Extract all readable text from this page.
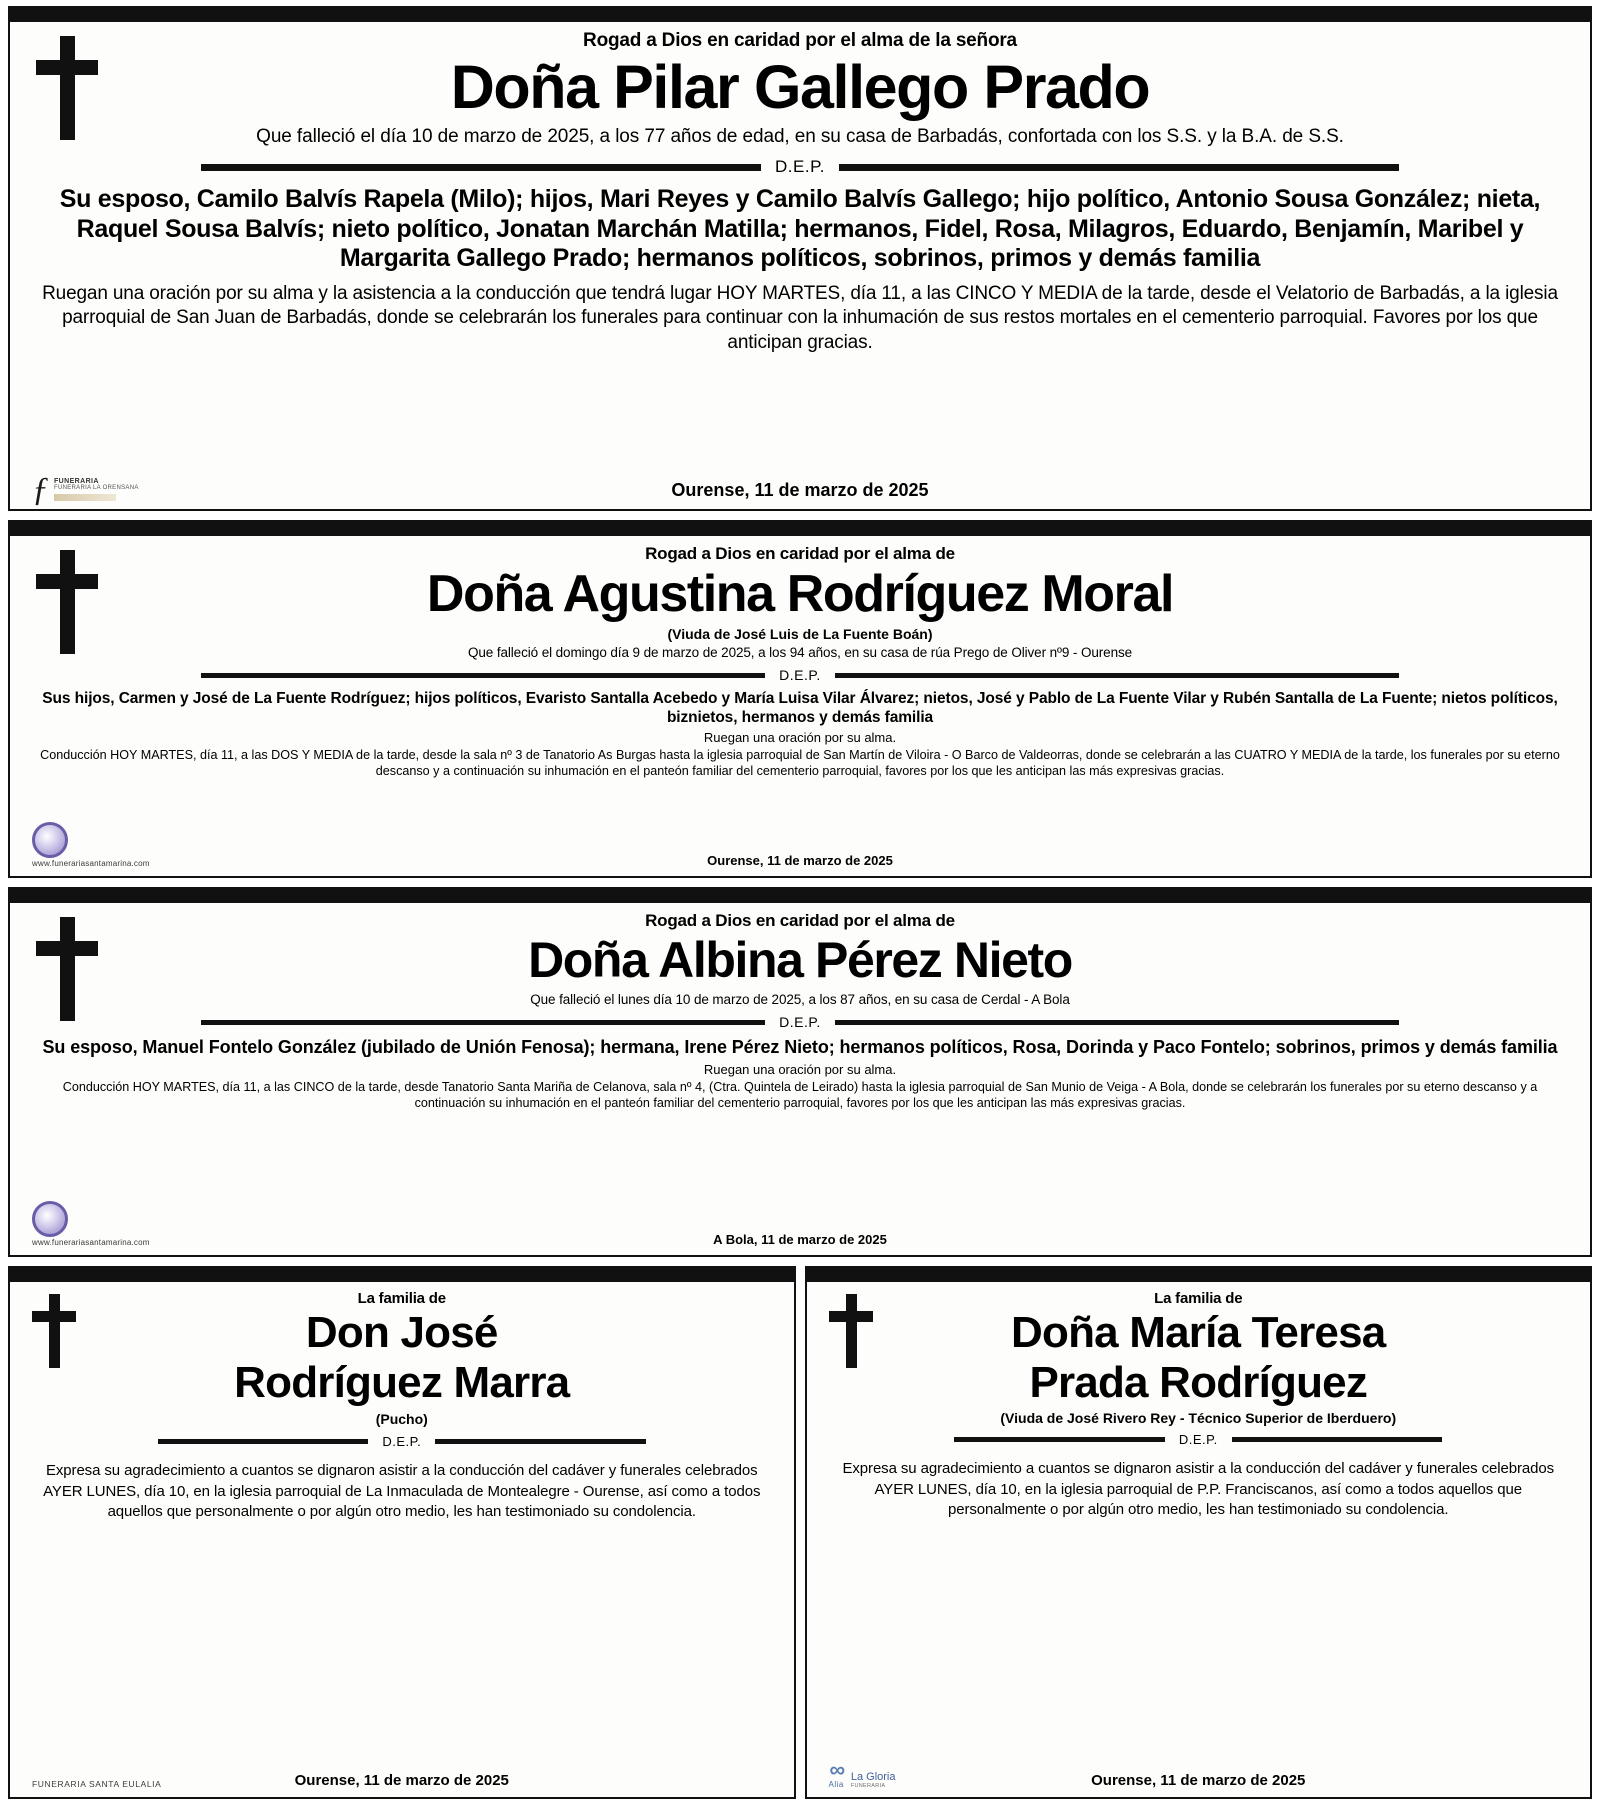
Rogad a Dios en caridad por el alma de la señora
Doña Pilar Gallego Prado
Que falleció el día 10 de marzo de 2025, a los 77 años de edad, en su casa de Barbadás, confortada con los S.S. y la B.A. de S.S.
D.E.P.
Su esposo, Camilo Balvís Rapela (Milo); hijos, Mari Reyes y Camilo Balvís Gallego; hijo político, Antonio Sousa González; nieta, Raquel Sousa Balvís; nieto político, Jonatan Marchán Matilla; hermanos, Fidel, Rosa, Milagros, Eduardo, Benjamín, Maribel y Margarita Gallego Prado; hermanos políticos, sobrinos, primos y demás familia
Ruegan una oración por su alma y la asistencia a la conducción que tendrá lugar HOY MARTES, día 11, a las CINCO Y MEDIA de la tarde, desde el Velatorio de Barbadás, a la iglesia parroquial de San Juan de Barbadás, donde se celebrarán los funerales para continuar con la inhumación de sus restos mortales en el cementerio parroquial. Favores por los que anticipan gracias.
ƒ FUNERARIA
FUNERARIA LA ORENSANA	Ourense, 11 de marzo de 2025
Rogad a Dios en caridad por el alma de
Doña Agustina Rodríguez Moral
(Viuda de José Luis de La Fuente Boán)
Que falleció el domingo día 9 de marzo de 2025, a los 94 años, en su casa de rúa Prego de Oliver nº9 - Ourense
D.E.P.
Sus hijos, Carmen y José de La Fuente Rodríguez; hijos políticos, Evaristo Santalla Acebedo y María Luisa Vilar Álvarez; nietos, José y Pablo de La Fuente Vilar y Rubén Santalla de La Fuente; nietos políticos, biznietos, hermanos y demás familia
Ruegan una oración por su alma.
Conducción HOY MARTES, día 11, a las DOS Y MEDIA de la tarde, desde la sala nº 3 de Tanatorio As Burgas hasta la iglesia parroquial de San Martín de Viloira - O Barco de Valdeorras, donde se celebrarán a las CUATRO Y MEDIA de la tarde, los funerales por su eterno descanso y a continuación su inhumación en el panteón familiar del cementerio parroquial, favores por los que les anticipan las más expresivas gracias.
www.funerariasantamarina.com	Ourense, 11 de marzo de 2025
Rogad a Dios en caridad por el alma de
Doña Albina Pérez Nieto
Que falleció el lunes día 10 de marzo de 2025, a los 87 años, en su casa de Cerdal - A Bola
D.E.P.
Su esposo, Manuel Fontelo González (jubilado de Unión Fenosa); hermana, Irene Pérez Nieto; hermanos políticos, Rosa, Dorinda y Paco Fontelo; sobrinos, primos y demás familia
Ruegan una oración por su alma.
Conducción HOY MARTES, día 11, a las CINCO de la tarde, desde Tanatorio Santa Mariña de Celanova, sala nº 4, (Ctra. Quintela de Leirado) hasta la iglesia parroquial de San Munio de Veiga - A Bola, donde se celebrarán los funerales por su eterno descanso y a continuación su inhumación en el panteón familiar del cementerio parroquial, favores por los que les anticipan las más expresivas gracias.
www.funerariasantamarina.com	A Bola, 11 de marzo de 2025
La familia de
Don José
Rodríguez Marra
(Pucho)
D.E.P.
Expresa su agradecimiento a cuantos se dignaron asistir a la conducción del cadáver y funerales celebrados AYER LUNES, día 10, en la iglesia parroquial de La Inmaculada de Montealegre - Ourense, así como a todos aquellos que personalmente o por algún otro medio, les han testimoniado su condolencia.
FUNERARIA SANTA EULALIA	Ourense, 11 de marzo de 2025
La familia de
Doña María Teresa
Prada Rodríguez
(Viuda de José Rivero Rey - Técnico Superior de Iberduero)
D.E.P.
Expresa su agradecimiento a cuantos se dignaron asistir a la conducción del cadáver y funerales celebrados AYER LUNES, día 10, en la iglesia parroquial de P.P. Franciscanos, así como a todos aquellos que personalmente o por algún otro medio, les han testimoniado su condolencia.
∞
Alia
La Gloria
FUNERARIA	Ourense, 11 de marzo de 2025
